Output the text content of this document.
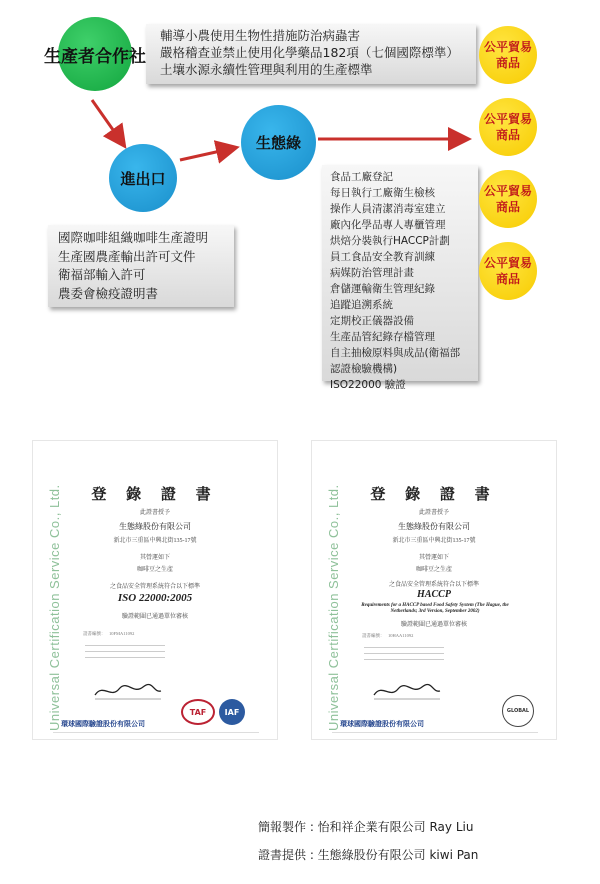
輔導小農使用生物性措施防治病蟲害
嚴格稽查並禁止使用化學藥品182項（七個國際標準）
土壤水源永續性管理與利用的生產標準
生產者合作社
進出口
生態綠
國際咖啡組織咖啡生產證明
生產國農產輸出許可文件
衛福部輸入許可
農委會檢疫證明書
食品工廠登記
每日執行工廠衛生檢核
操作人員清潔消毒室建立
廠內化學品專人專櫃管理
烘焙分裝執行HACCP計劃
員工食品安全教育訓練
病媒防治管理計畫
倉儲運輸衛生管理紀錄
追蹤追溯系統
定期校正儀器設備
生產品管紀錄存檔管理
自主抽檢原料與成品(衛福部認證檢驗機構)
ISO22000 驗證
公平貿易
商品
公平貿易
商品
公平貿易
商品
公平貿易
商品
Universal Certification Service Co., Ltd.	登 錄 證 書
此證書授予
生態綠股份有限公司
新北市三重區中興北街135-17號
其營運如下
咖啡豆之生產
之食品安全管理系統符合以下標準
ISO 22000:2005
驗證範圍已通過單位審核
證書編號： 10FMA11092
TAF IAF
環球國際驗證股份有限公司	Universal Certification Service Co., Ltd.	登 錄 證 書
此證書授予
生態綠股份有限公司
新北市三重區中興北街135-17號
其營運如下
咖啡豆之生產
之食品安全管理系統符合以下標準
HACCP
Requirements for a HACCP based Food Safety System (The Hague, the Netherlands; 3rd Version, September 2002)
驗證範圍已通過單位審核
證書編號： 10HAA11092
GLOBAL
環球國際驗證股份有限公司
簡報製作 : 怡和祥企業有限公司 Ray Liu
證書提供 : 生態綠股份有限公司 kiwi Pan
